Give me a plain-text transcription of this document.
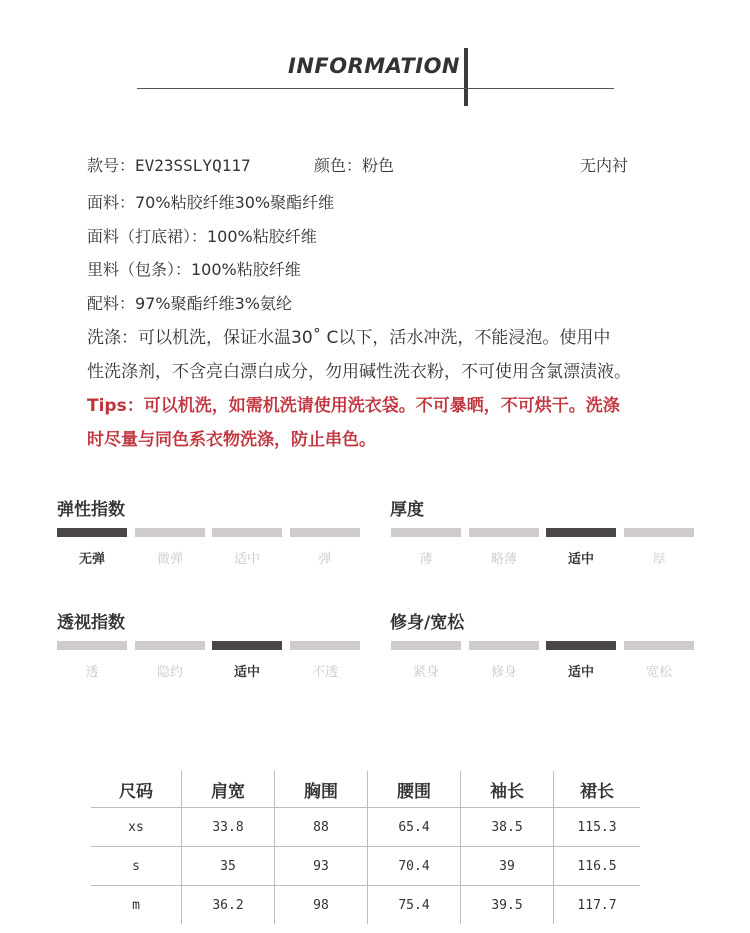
INFORMATION
款号：EV23SSLYQ117	颜色：粉色	无内衬
面料：70%粘胶纤维30%聚酯纤维
面料（打底裙）：100%粘胶纤维
里料（包条）：100%粘胶纤维
配料：97%聚酯纤维3%氨纶
洗涤：可以机洗，保证水温30˚ C以下，活水冲洗，不能浸泡。使用中
性洗涤剂，不含亮白漂白成分，勿用碱性洗衣粉，不可使用含氯漂渍液。
Tips：可以机洗，如需机洗请使用洗衣袋。不可暴晒，不可烘干。洗涤
时尽量与同色系衣物洗涤，防止串色。
弹性指数
无弹	微弹	适中	弹
厚度
薄	略薄	适中	厚
透视指数
透	隐约	适中	不透
修身/宽松
紧身	修身	适中	宽松
尺码	肩宽	胸围	腰围	袖长	裙长
xs	33.8	88	65.4	38.5	115.3
s	35	93	70.4	39	116.5
m	36.2	98	75.4	39.5	117.7
